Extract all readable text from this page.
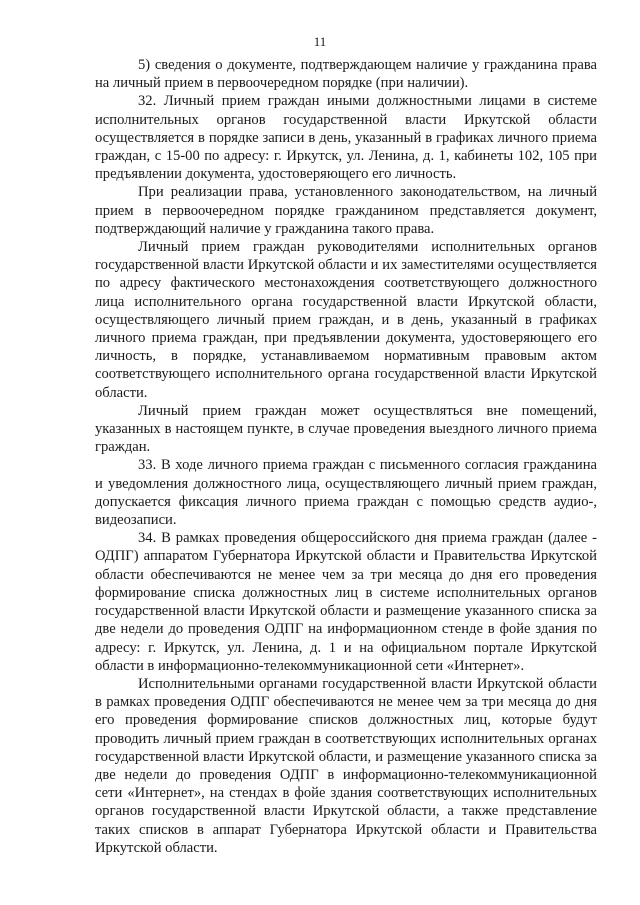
11

5) сведения о документе, подтверждающем наличие у гражданина права на личный прием в первоочередном порядке (при наличии).

32. Личный прием граждан иными должностными лицами в системе исполнительных органов государственной власти Иркутской области осуществляется в порядке записи в день, указанный в графиках личного приема граждан, с 15-00 по адресу: г. Иркутск, ул. Ленина, д. 1, кабинеты 102, 105 при предъявлении документа, удостоверяющего его личность.

При реализации права, установленного законодательством, на личный прием в первоочередном порядке гражданином представляется документ, подтверждающий наличие у гражданина такого права.

Личный прием граждан руководителями исполнительных органов государственной власти Иркутской области и их заместителями осуществляется по адресу фактического местонахождения соответствующего должностного лица исполнительного органа государственной власти Иркутской области, осуществляющего личный прием граждан, и в день, указанный в графиках личного приема граждан, при предъявлении документа, удостоверяющего его личность, в порядке, устанавливаемом нормативным правовым актом соответствующего исполнительного органа государственной власти Иркутской области.

Личный прием граждан может осуществляться вне помещений, указанных в настоящем пункте, в случае проведения выездного личного приема граждан.

33. В ходе личного приема граждан с письменного согласия гражданина и уведомления должностного лица, осуществляющего личный прием граждан, допускается фиксация личного приема граждан с помощью средств аудио-, видеозаписи.

34. В рамках проведения общероссийского дня приема граждан (далее - ОДПГ) аппаратом Губернатора Иркутской области и Правительства Иркутской области обеспечиваются не менее чем за три месяца до дня его проведения формирование списка должностных лиц в системе исполнительных органов государственной власти Иркутской области и размещение указанного списка за две недели до проведения ОДПГ на информационном стенде в фойе здания по адресу: г. Иркутск, ул. Ленина, д. 1 и на официальном портале Иркутской области в информационно-телекоммуникационной сети «Интернет».

Исполнительными органами государственной власти Иркутской области в рамках проведения ОДПГ обеспечиваются не менее чем за три месяца до дня его проведения формирование списков должностных лиц, которые будут проводить личный прием граждан в соответствующих исполнительных органах государственной власти Иркутской области, и размещение указанного списка за две недели до проведения ОДПГ в информационно-телекоммуникационной сети «Интернет», на стендах в фойе здания соответствующих исполнительных органов государственной власти Иркутской области, а также представление таких списков в аппарат Губернатора Иркутской области и Правительства Иркутской области.
